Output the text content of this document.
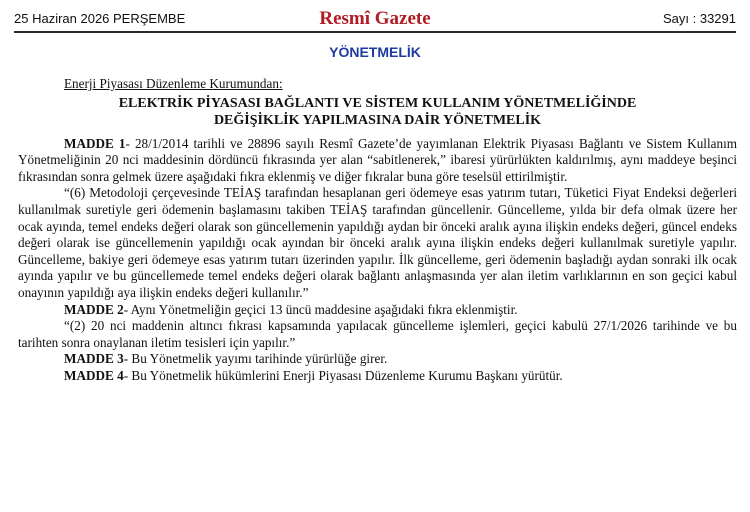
25 Haziran 2026 PERŞEMBE	Resmî Gazete	Sayı : 33291
YÖNETMELİK
Enerji Piyasası Düzenleme Kurumundan:
ELEKTRİK PİYASASI BAĞLANTI VE SİSTEM KULLANIM YÖNETMELİĞİNDE
DEĞİŞİKLİK YAPILMASINA DAİR YÖNETMELİK

MADDE 1- 28/1/2014 tarihli ve 28896 sayılı Resmî Gazete’de yayımlanan Elektrik Piyasası Bağlantı ve Sistem Kullanım Yönetmeliğinin 20 nci maddesinin dördüncü fıkrasında yer alan “sabitlenerek,” ibaresi yürürlükten kaldırılmış, aynı maddeye beşinci fıkrasından sonra gelmek üzere aşağıdaki fıkra eklenmiş ve diğer fıkralar buna göre teselsül ettirilmiştir.

“(6) Metodoloji çerçevesinde TEİAŞ tarafından hesaplanan geri ödemeye esas yatırım tutarı, Tüketici Fiyat Endeksi değerleri kullanılmak suretiyle geri ödemenin başlamasını takiben TEİAŞ tarafından güncellenir. Güncelleme, yılda bir defa olmak üzere her ocak ayında, temel endeks değeri olarak son güncellemenin yapıldığı aydan bir önceki aralık ayına ilişkin endeks değeri, güncel endeks değeri olarak ise güncellemenin yapıldığı ocak ayından bir önceki aralık ayına ilişkin endeks değeri kullanılmak suretiyle yapılır. Güncelleme, bakiye geri ödemeye esas yatırım tutarı üzerinden yapılır. İlk güncelleme, geri ödemenin başladığı aydan sonraki ilk ocak ayında yapılır ve bu güncellemede temel endeks değeri olarak bağlantı anlaşmasında yer alan iletim varlıklarının en son geçici kabul onayının yapıldığı aya ilişkin endeks değeri kullanılır.”

MADDE 2- Aynı Yönetmeliğin geçici 13 üncü maddesine aşağıdaki fıkra eklenmiştir.

“(2) 20 nci maddenin altıncı fıkrası kapsamında yapılacak güncelleme işlemleri, geçici kabulü 27/1/2026 tarihinde ve bu tarihten sonra onaylanan iletim tesisleri için yapılır.”

MADDE 3- Bu Yönetmelik yayımı tarihinde yürürlüğe girer.

MADDE 4- Bu Yönetmelik hükümlerini Enerji Piyasası Düzenleme Kurumu Başkanı yürütür.
